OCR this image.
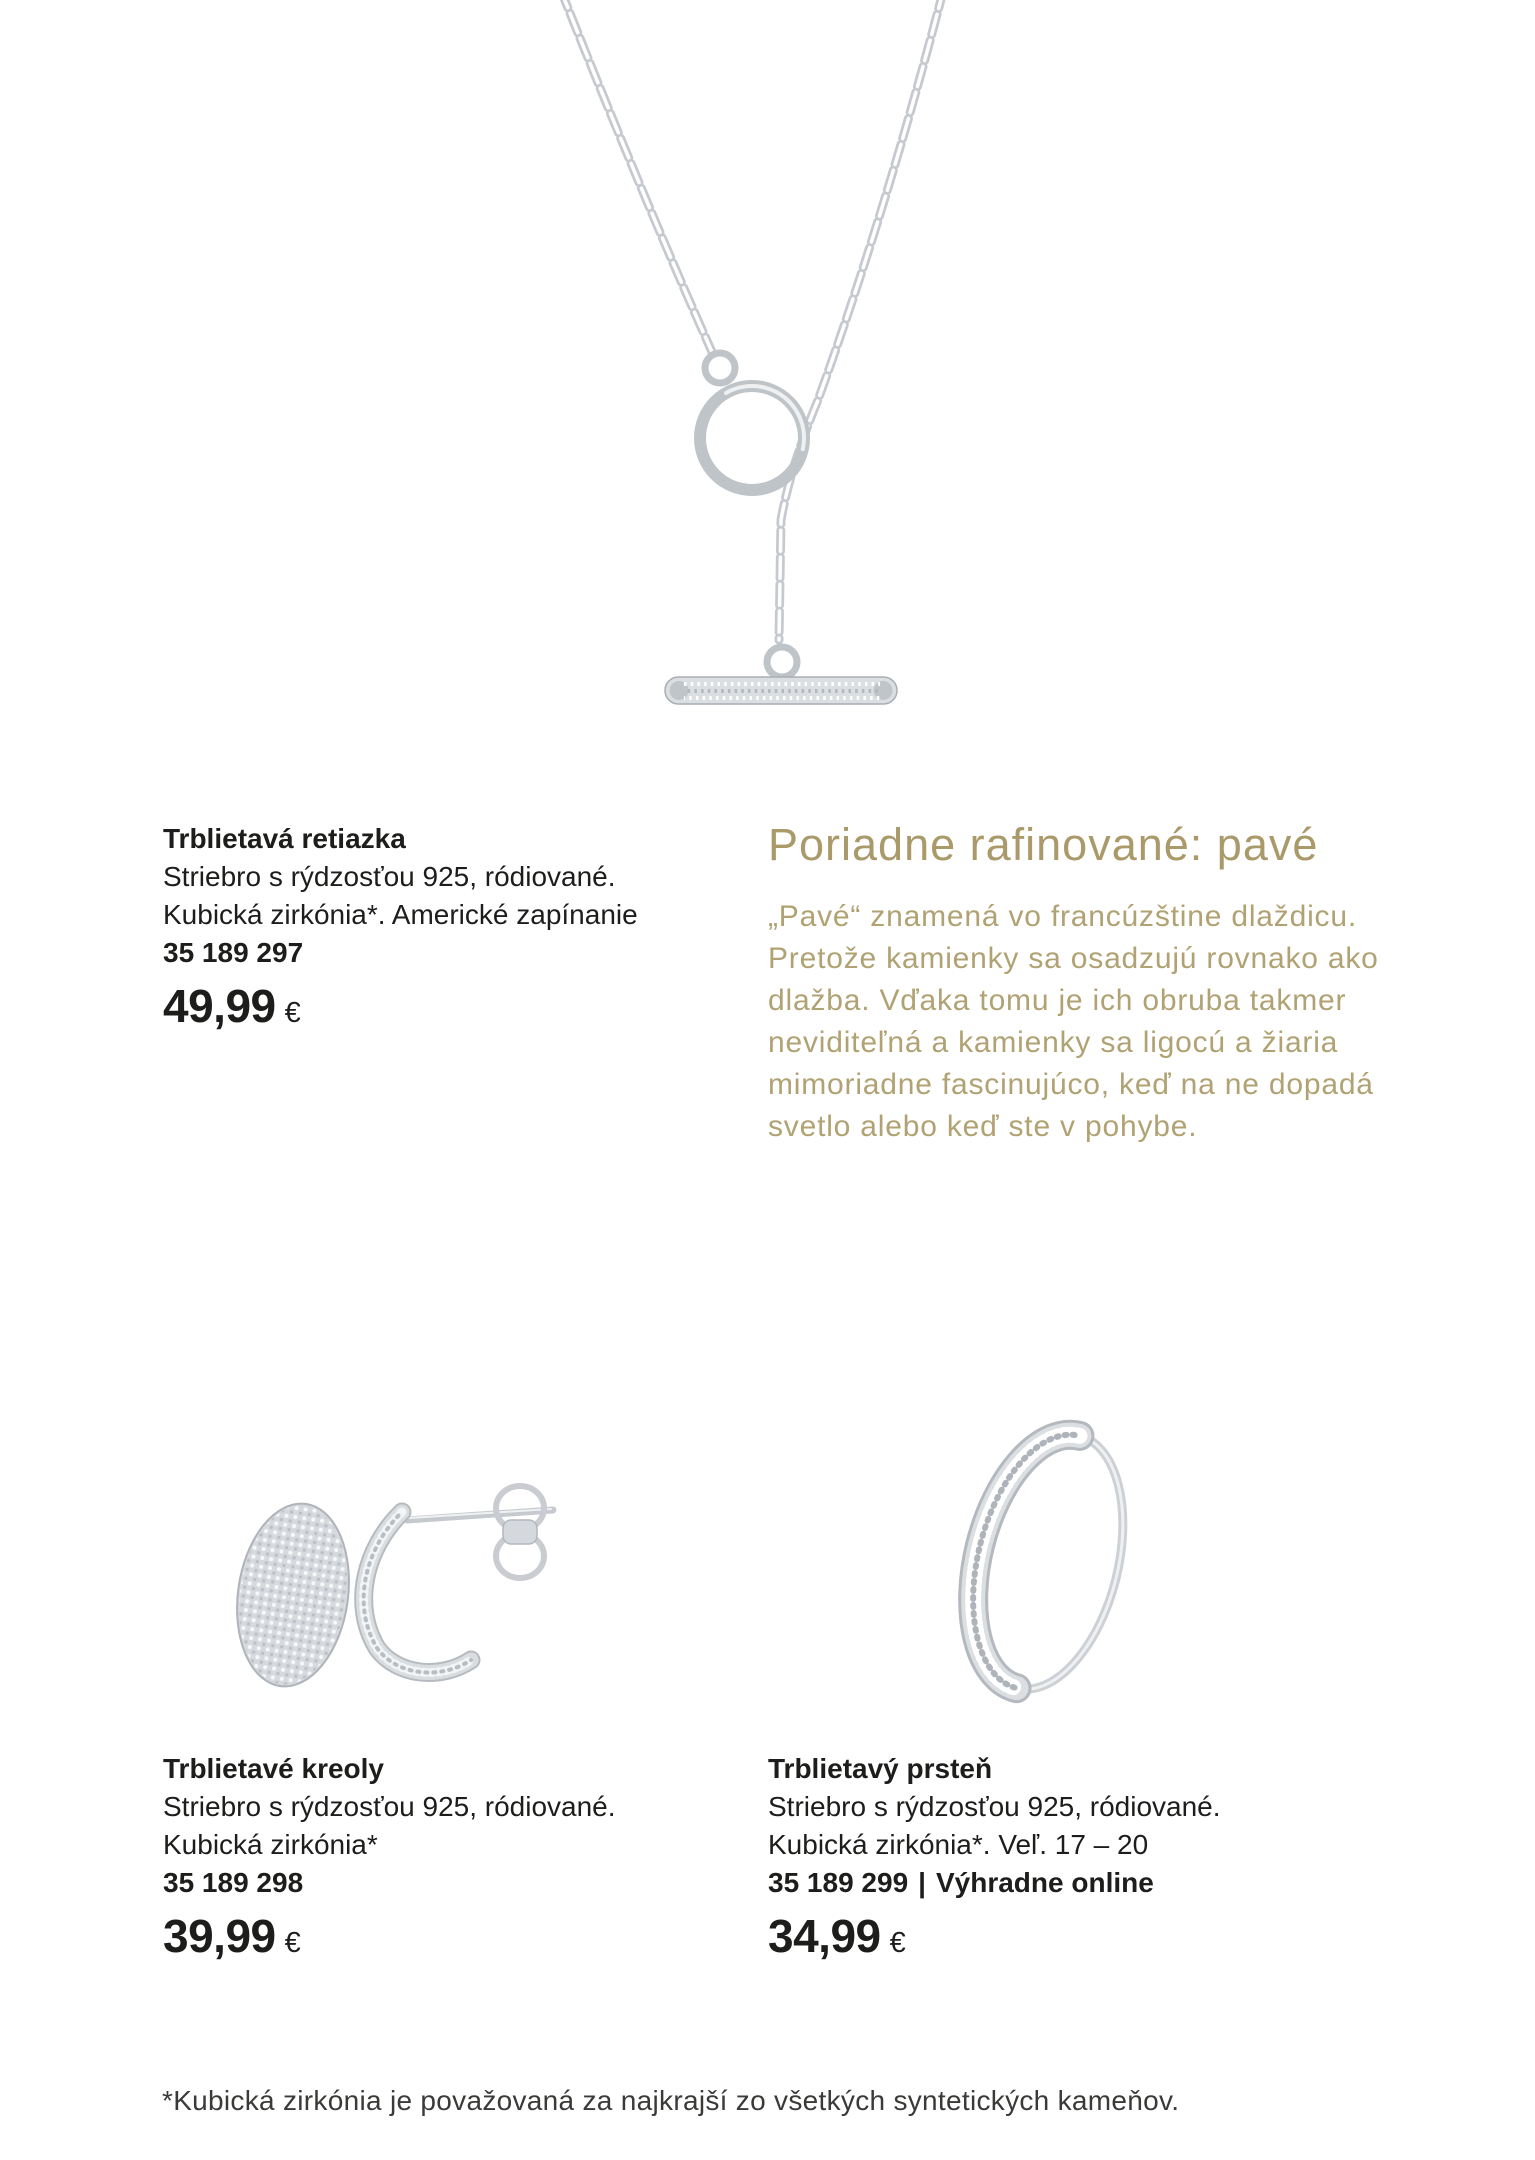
Trblietavá retiazka
Striebro s rýdzosťou 925, ródiované.
Kubická zirkónia*. Americké zapínanie
35 189 297
49,99 €
Poriadne rafinované: pavé
„Pavé“ znamená vo francúzštine dlaždicu.
Pretože kamienky sa osadzujú rovnako ako
dlažba. Vďaka tomu je ich obruba takmer
neviditeľná a kamienky sa ligocú a žiaria
mimoriadne fascinujúco, keď na ne dopadá
svetlo alebo keď ste v pohybe.
Trblietavé kreoly
Striebro s rýdzosťou 925, ródiované.
Kubická zirkónia*
35 189 298
39,99 €
Trblietavý prsteň
Striebro s rýdzosťou 925, ródiované.
Kubická zirkónia*. Veľ. 17 – 20
35 189 299 | Výhradne online
34,99 €
*Kubická zirkónia je považovaná za najkrajší zo všetkých syntetických kameňov.
